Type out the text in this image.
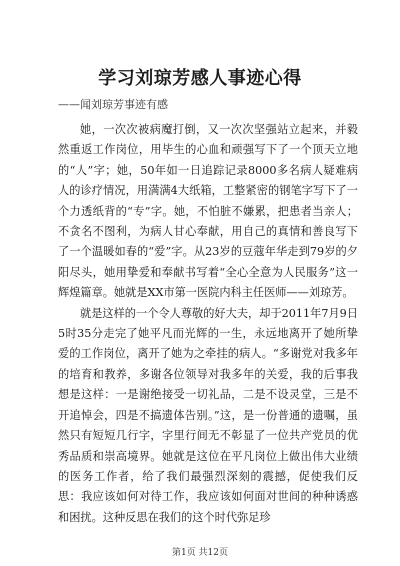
学习刘琼芳感人事迹心得
——闻刘琼芳事迹有感

她，一次次被病魔打倒，又一次次坚强站立起来，并毅然重返工作岗位，用毕生的心血和顽强写下了一个顶天立地的“人”字；她，50年如一日追踪记录8000多名病人疑难病人的诊疗情况，用满满4大纸箱，工整紧密的钢笔字写下了一个力透纸背的“专”字。她，不怕脏不嫌累，把患者当亲人；不贪名不图利，为病人甘心奉献，用自己的真情和善良写下了一个温暖如春的“爱”字。从23岁的豆蔻年华走到79岁的夕阳尽头，她用挚爱和奉献书写着“全心全意为人民服务”这一辉煌篇章。她就是XX市第一医院内科主任医师——刘琼芳。

就是这样的一个令人尊敬的好大夫，却于2011年7月9日5时35分走完了她平凡而光辉的一生，永远地离开了她所挚爱的工作岗位，离开了她为之牵挂的病人。“多谢党对我多年的培育和教养，多谢各位领导对我多年的关爱，我的后事我想是这样：一是谢绝接受一切礼品，二是不设灵堂，三是不开追悼会，四是不搞遗体告别。”这，是一份普通的遗嘱，虽然只有短短几行字，字里行间无不彰显了一位共产党员的优秀品质和崇高境界。她就是这位在平凡岗位上做出伟大业绩的医务工作者，给了我们最强烈深刻的震撼，促使我们反思：我应该如何对待工作，我应该如何面对世间的种种诱惑和困扰。这种反思在我们的这个时代弥足珍

第1页 共12页
